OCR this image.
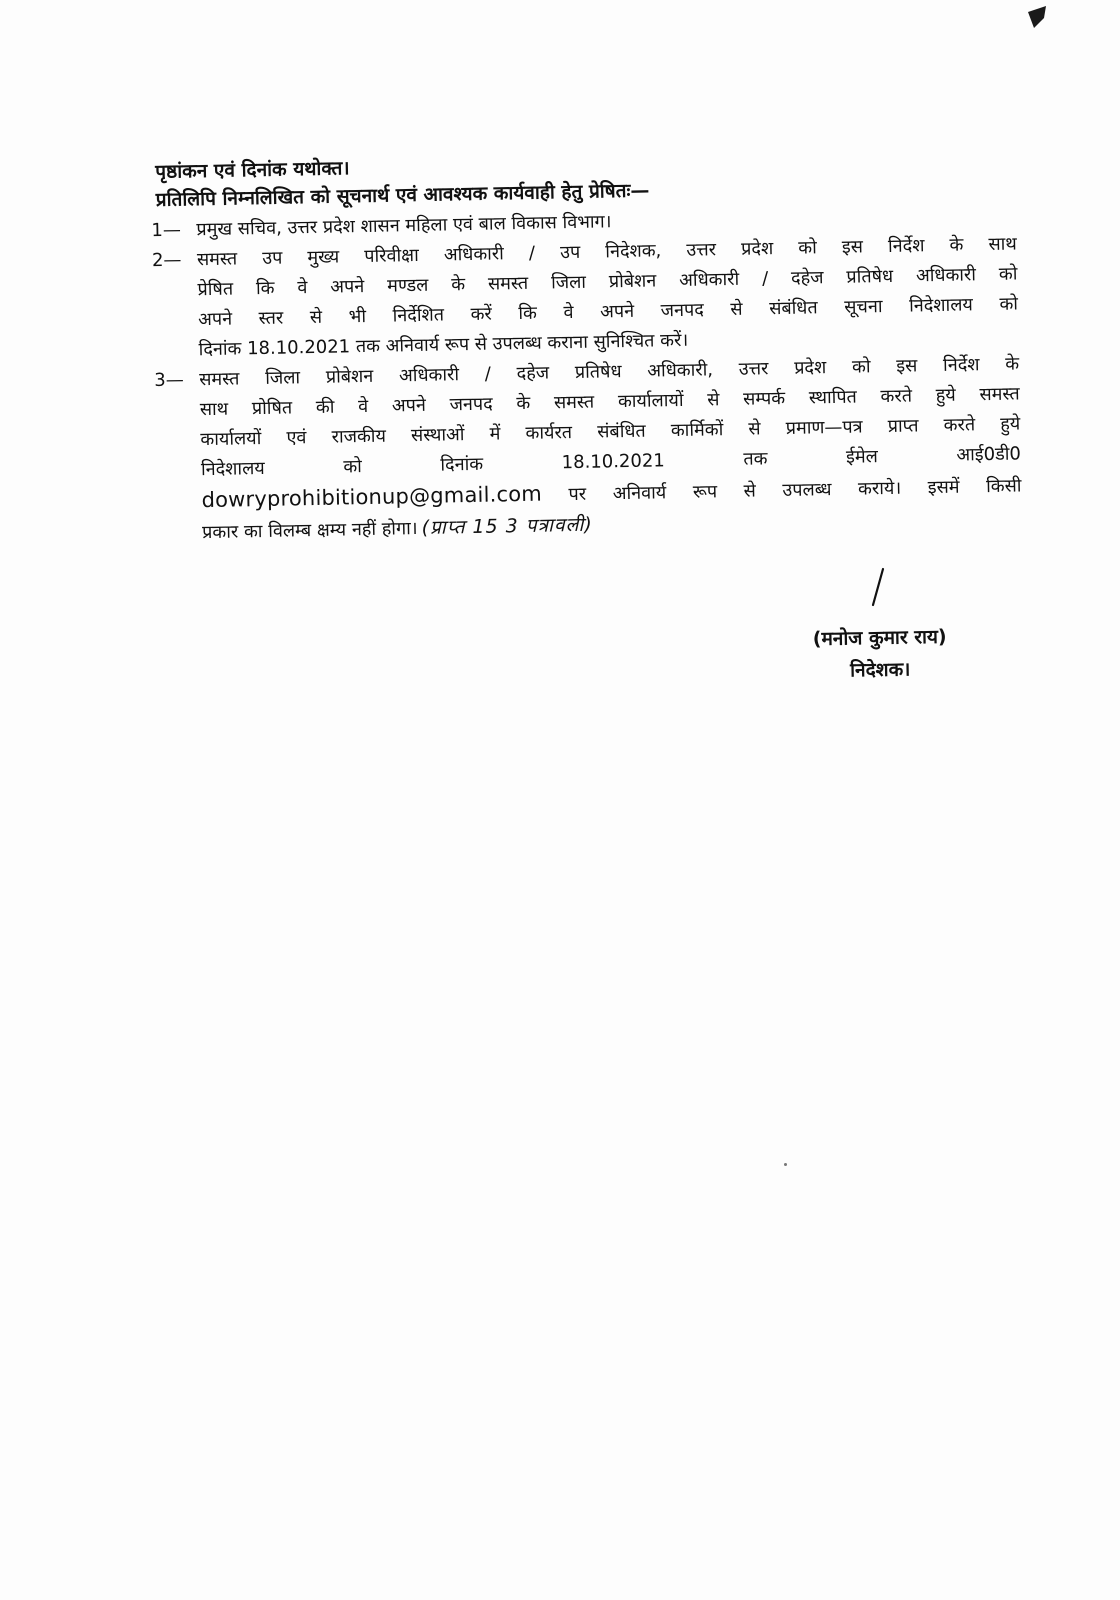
पृष्ठांकन एवं दिनांक यथोक्त।

प्रतिलिपि निम्नलिखित को सूचनार्थ एवं आवश्यक कार्यवाही हेतु प्रेषितः—

1— प्रमुख सचिव, उत्तर प्रदेश शासन महिला एवं बाल विकास विभाग।
2— समस्त उप मुख्य परिवीक्षा अधिकारी / उप निदेशक, उत्तर प्रदेश को इस निर्देश के साथ
प्रेषित कि वे अपने मण्डल के समस्त जिला प्रोबेशन अधिकारी / दहेज प्रतिषेध अधिकारी को
अपने स्तर से भी निर्देशित करें कि वे अपने जनपद से संबंधित सूचना निदेशालय को
दिनांक 18.10.2021 तक अनिवार्य रूप से उपलब्ध कराना सुनिश्चित करें।
3— समस्त जिला प्रोबेशन अधिकारी / दहेज प्रतिषेध अधिकारी, उत्तर प्रदेश को इस निर्देश के
साथ प्रोषित की वे अपने जनपद के समस्त कार्यालायों से सम्पर्क स्थापित करते हुये समस्त
कार्यालयों एवं राजकीय संस्थाओं में कार्यरत संबंधित कार्मिकों से प्रमाण—पत्र प्राप्त करते हुये
निदेशालय को दिनांक 18.10.2021 तक ईमेल आई0डी0
dowryprohibitionup@gmail.com पर अनिवार्य रूप से उपलब्ध कराये। इसमें किसी
प्रकार का विलम्ब क्षम्य नहीं होगा। (प्राप्त 15 3 पत्रावली)
(मनोज कुमार राय)
निदेशक।
